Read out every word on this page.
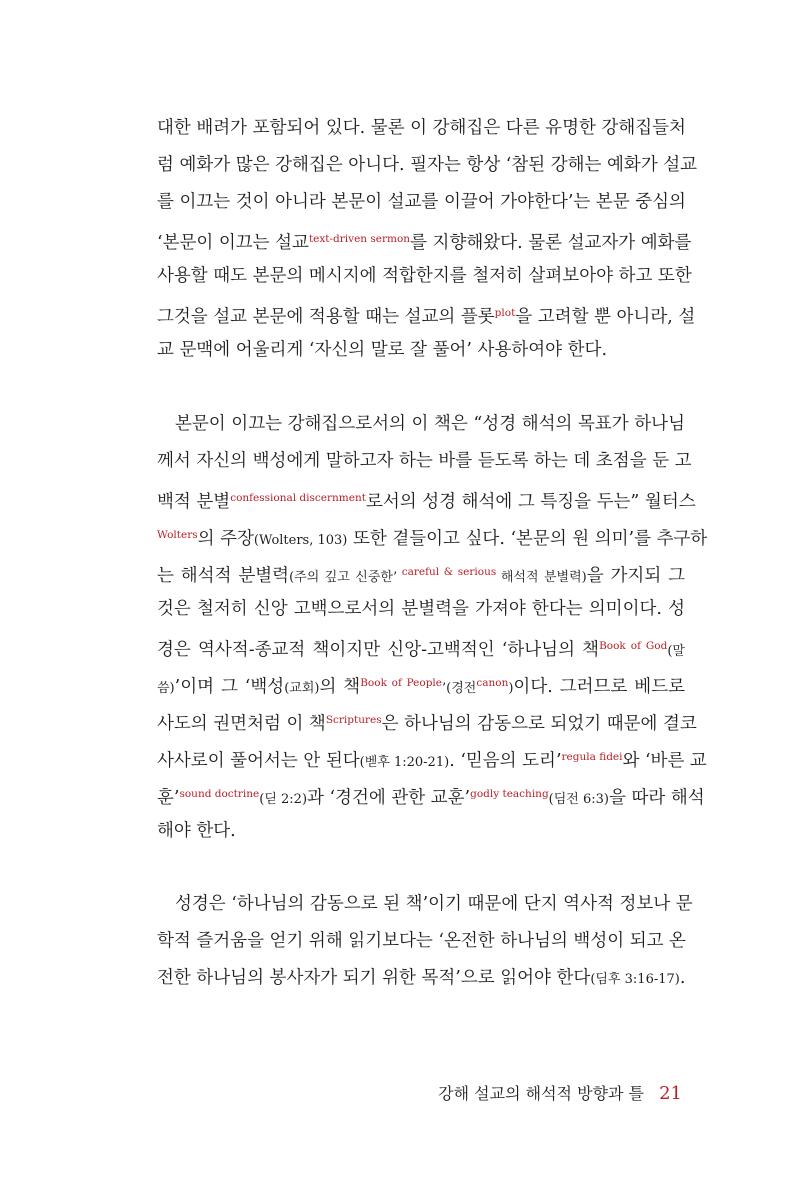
대한 배려가 포함되어 있다. 물론 이 강해집은 다른 유명한 강해집들처
럼 예화가 많은 강해집은 아니다. 필자는 항상 ‘참된 강해는 예화가 설교
를 이끄는 것이 아니라 본문이 설교를 이끌어 가야한다’는 본문 중심의
‘본문이 이끄는 설교$^{text-driven sermon}$를 지향해왔다. 물론 설교자가 예화를
사용할 때도 본문의 메시지에 적합한지를 철저히 살펴보아야 하고 또한
그것을 설교 본문에 적용할 때는 설교의 플롯$^{plot}$을 고려할 뿐 아니라, 설
교 문맥에 어울리게 ‘자신의 말로 잘 풀어’ 사용하여야 한다.
본문이 이끄는 강해집으로서의 이 책은 “성경 해석의 목표가 하나님
께서 자신의 백성에게 말하고자 하는 바를 듣도록 하는 데 초점을 둔 고
백적 분별$^{confessional discernment}$로서의 성경 해석에 그 특징을 두는” 월터스
$^{Wolters}$의 주장(Wolters, 103) 또한 곁들이고 싶다. ‘본문의 원 의미’를 추구하
는 해석적 분별력(주의 깊고 신중한’ $^{careful \& serious}$ 해석적 분별력)을 가지되 그
것은 철저히 신앙 고백으로서의 분별력을 가져야 한다는 의미이다. 성
경은 역사적-종교적 책이지만 신앙-고백적인 ‘하나님의 책$^{Book of God}$(말
씀)’이며 그 ‘백성(교회)의 책$^{Book of People}$’(경전$^{canon}$)이다. 그러므로 베드로
사도의 권면처럼 이 책$^{Scriptures}$은 하나님의 감동으로 되었기 때문에 결코
사사로이 풀어서는 안 된다(벧후 1:20-21). ‘믿음의 도리’$^{regula fidei}$와 ‘바른 교
훈’$^{sound doctrine}$(딛 2:2)과 ‘경건에 관한 교훈’$^{godly teaching}$(딤전 6:3)을 따라 해석
해야 한다.
성경은 ‘하나님의 감동으로 된 책’이기 때문에 단지 역사적 정보나 문
학적 즐거움을 얻기 위해 읽기보다는 ‘온전한 하나님의 백성이 되고 온
전한 하나님의 봉사자가 되기 위한 목적’으로 읽어야 한다(딤후 3:16-17).
강해 설교의 해석적 방향과 틀 21
